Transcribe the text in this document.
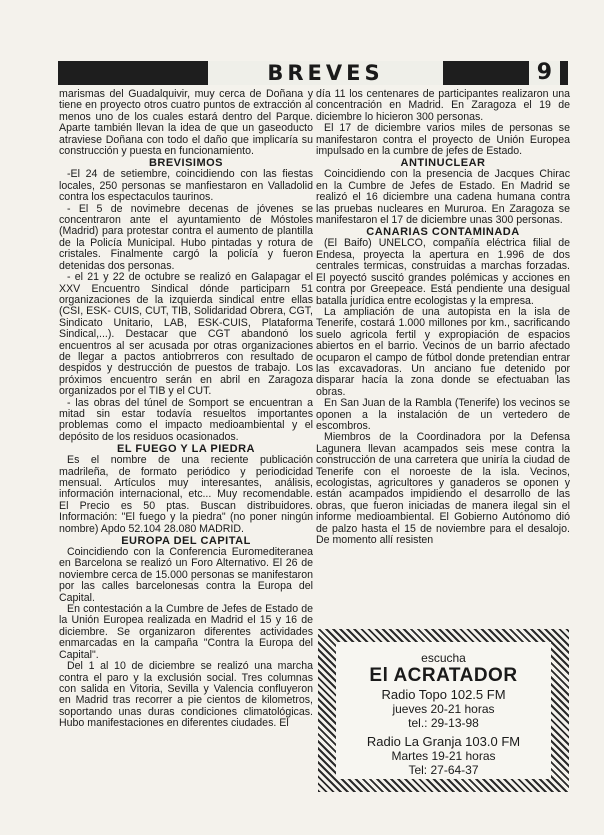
BREVES	9

marismas del Guadalquivir, muy cerca de Doñana y tiene en proyecto otros cuatro puntos de extracción al menos uno de los cuales estará dentro del Parque. Aparte también llevan la idea de que un gaseoducto atraviese Doñana con todo el daño que implicaría su construcción y puesta en funcionamiento.

BREVISIMOS

-El 24 de setiembre, coincidiendo con las fiestas locales, 250 personas se manfiestaron en Valladolid contra los espectaculos taurinos.

- El 5 de novimebre decenas de jóvenes se concentraron ante el ayuntamiento de Móstoles (Madrid) para protestar contra el aumento de plantilla de la Policía Municipal. Hubo pintadas y rotura de cristales. Finalmente cargó la policía y fueron detenidas dos personas.

- el 21 y 22 de octubre se realizó en Galapagar el XXV Encuentro Sindical dónde participarn 51 organizaciones de la izquierda sindical entre ellas (CSI, ESK- CUIS, CUT, TIB, Solidaridad Obrera, CGT, Sindicato Unitario, LAB, ESK-CUIS, Plataforma Sindical,...). Destacar que CGT abandonó los encuentros al ser acusada por otras organizaciones de llegar a pactos antiobrreros con resultado de despidos y destrucción de puestos de trabajo. Los próximos encuentro serán en abril en Zaragoza organizados por el TIB y el CUT.

- las obras del túnel de Somport se encuentran a mitad sin estar todavía resueltos importantes problemas como el impacto medioambiental y el depósito de los residuos ocasionados.

EL FUEGO Y LA PIEDRA

Es el nombre de una reciente publicación madrileña, de formato periódico y periodicidad mensual. Artículos muy interesantes, análisis, información internacional, etc... Muy recomendable. El Precio es 50 ptas. Buscan distribuidores. Información: "El fuego y la piedra" (no poner ningún nombre) Apdo 52.104 28.080 MADRID.

EUROPA DEL CAPITAL

Coincidiendo con la Conferencia Euromediteranea en Barcelona se realizó un Foro Alternativo. El 26 de noviembre cerca de 15.000 personas se manifestaron por las calles barcelonesas contra la Europa del Capital.

En contestación a la Cumbre de Jefes de Estado de la Unión Europea realizada en Madrid el 15 y 16 de diciembre. Se organizaron diferentes actividades enmarcadas en la campaña "Contra la Europa del Capital".

Del 1 al 10 de diciembre se realizó una marcha contra el paro y la exclusión social. Tres columnas con salida en Vitoria, Sevilla y Valencia confluyeron en Madrid tras recorrer a pie cientos de kilometros, soportando unas duras condiciones climatológicas. Hubo manifestaciones en diferentes ciudades. El

día 11 los centenares de participantes realizaron una concentración en Madrid. En Zaragoza el 19 de diciembre lo hicieron 300 personas.

El 17 de diciembre varios miles de personas se manifestaron contra el proyecto de Unión Europea impulsado en la cumbre de jefes de Estado.

ANTINUCLEAR

Coincidiendo con la presencia de Jacques Chirac en la Cumbre de Jefes de Estado. En Madrid se realizó el 16 diciembre una cadena humana contra las pruebas nucleares en Mururoa. En Zaragoza se manifestaron el 17 de diciembre unas 300 personas.

CANARIAS CONTAMINADA

(El Baifo) UNELCO, compañía eléctrica filial de Endesa, proyecta la apertura en 1.996 de dos centrales termicas, construidas a marchas forzadas. El poyectó suscitó grandes polémicas y acciones en contra por Greepeace. Está pendiente una desigual batalla jurídica entre ecologistas y la empresa.

La ampliación de una autopista en la isla de Tenerife, costará 1.000 millones por km., sacrificando suelo agricola fertil y expropiación de espacios abiertos en el barrio. Vecinos de un barrio afectado ocuparon el campo de fútbol donde pretendian entrar las excavadoras. Un anciano fue detenido por disparar hacía la zona donde se efectuaban las obras.

En San Juan de la Rambla (Tenerife) los vecinos se oponen a la instalación de un vertedero de escombros.

Miembros de la Coordinadora por la Defensa Lagunera llevan acampados seis mese contra la construcción de una carretera que uniría la ciudad de Tenerife con el noroeste de la isla. Vecinos, ecologistas, agricultores y ganaderos se oponen y están acampados impidiendo el desarrollo de las obras, que fueron iniciadas de manera ilegal sin el informe medioambiental. El Gobierno Autónomo dió de palzo hasta el 15 de noviembre para el desalojo. De momento allí resisten

escucha
El ACRATADOR
Radio Topo 102.5 FM
jueves 20-21 horas
tel.: 29-13-98
Radio La Granja 103.0 FM
Martes 19-21 horas
Tel: 27-64-37
